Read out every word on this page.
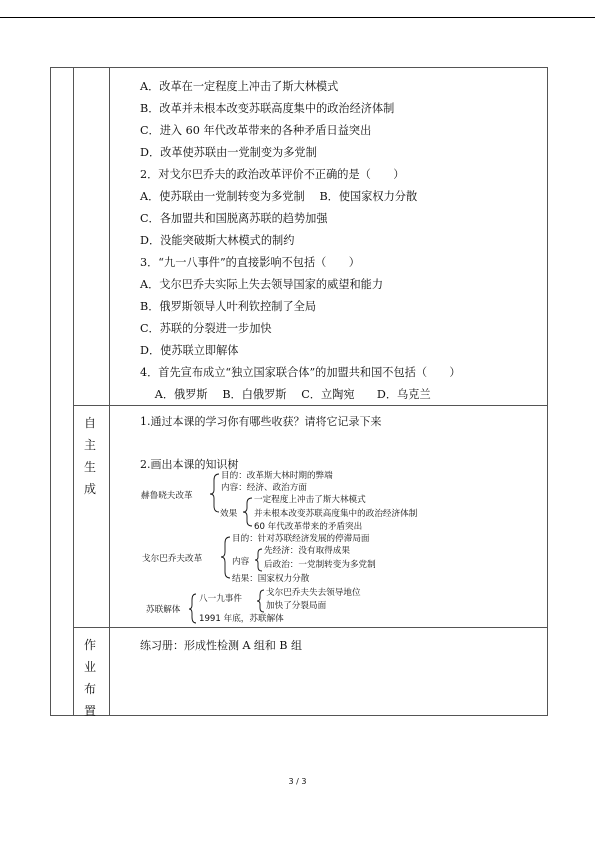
A．改革在一定程度上冲击了斯大林模式
B．改革并未根本改变苏联高度集中的政治经济体制
C．进入 60 年代改革带来的各种矛盾日益突出
D．改革使苏联由一党制变为多党制
2．对戈尔巴乔夫的政治改革评价不正确的是（　　）
A．使苏联由一党制转变为多党制　 B．使国家权力分散
C．各加盟共和国脱离苏联的趋势加强
D．没能突破斯大林模式的制约
3．“九一八事件”的直接影响不包括（　　）
A．戈尔巴乔夫实际上失去领导国家的威望和能力
B．俄罗斯领导人叶利钦控制了全局
C．苏联的分裂进一步加快
D．使苏联立即解体
4．首先宣布成立“独立国家联合体”的加盟共和国不包括（　　）
　 A．俄罗斯　 B．白俄罗斯　 C．立陶宛　　D．乌克兰
自
主
生
成
1.通过本课的学习你有哪些收获？请将它记录下来
2.画出本课的知识树
赫鲁晓夫改革
目的：改革斯大林时期的弊端
内容：经济、政治方面
效果
一定程度上冲击了斯大林模式
并未根本改变苏联高度集中的政治经济体制
60 年代改革带来的矛盾突出
戈尔巴乔夫改革
目的：针对苏联经济发展的停滞局面
内容
先经济：没有取得成果
后政治：一党制转变为多党制
结果：国家权力分散
苏联解体
八一九事件
戈尔巴乔夫失去领导地位
加快了分裂局面
1991 年底，苏联解体
作
业
布
置
练习册：形成性检测 A 组和 B 组
3 / 3
